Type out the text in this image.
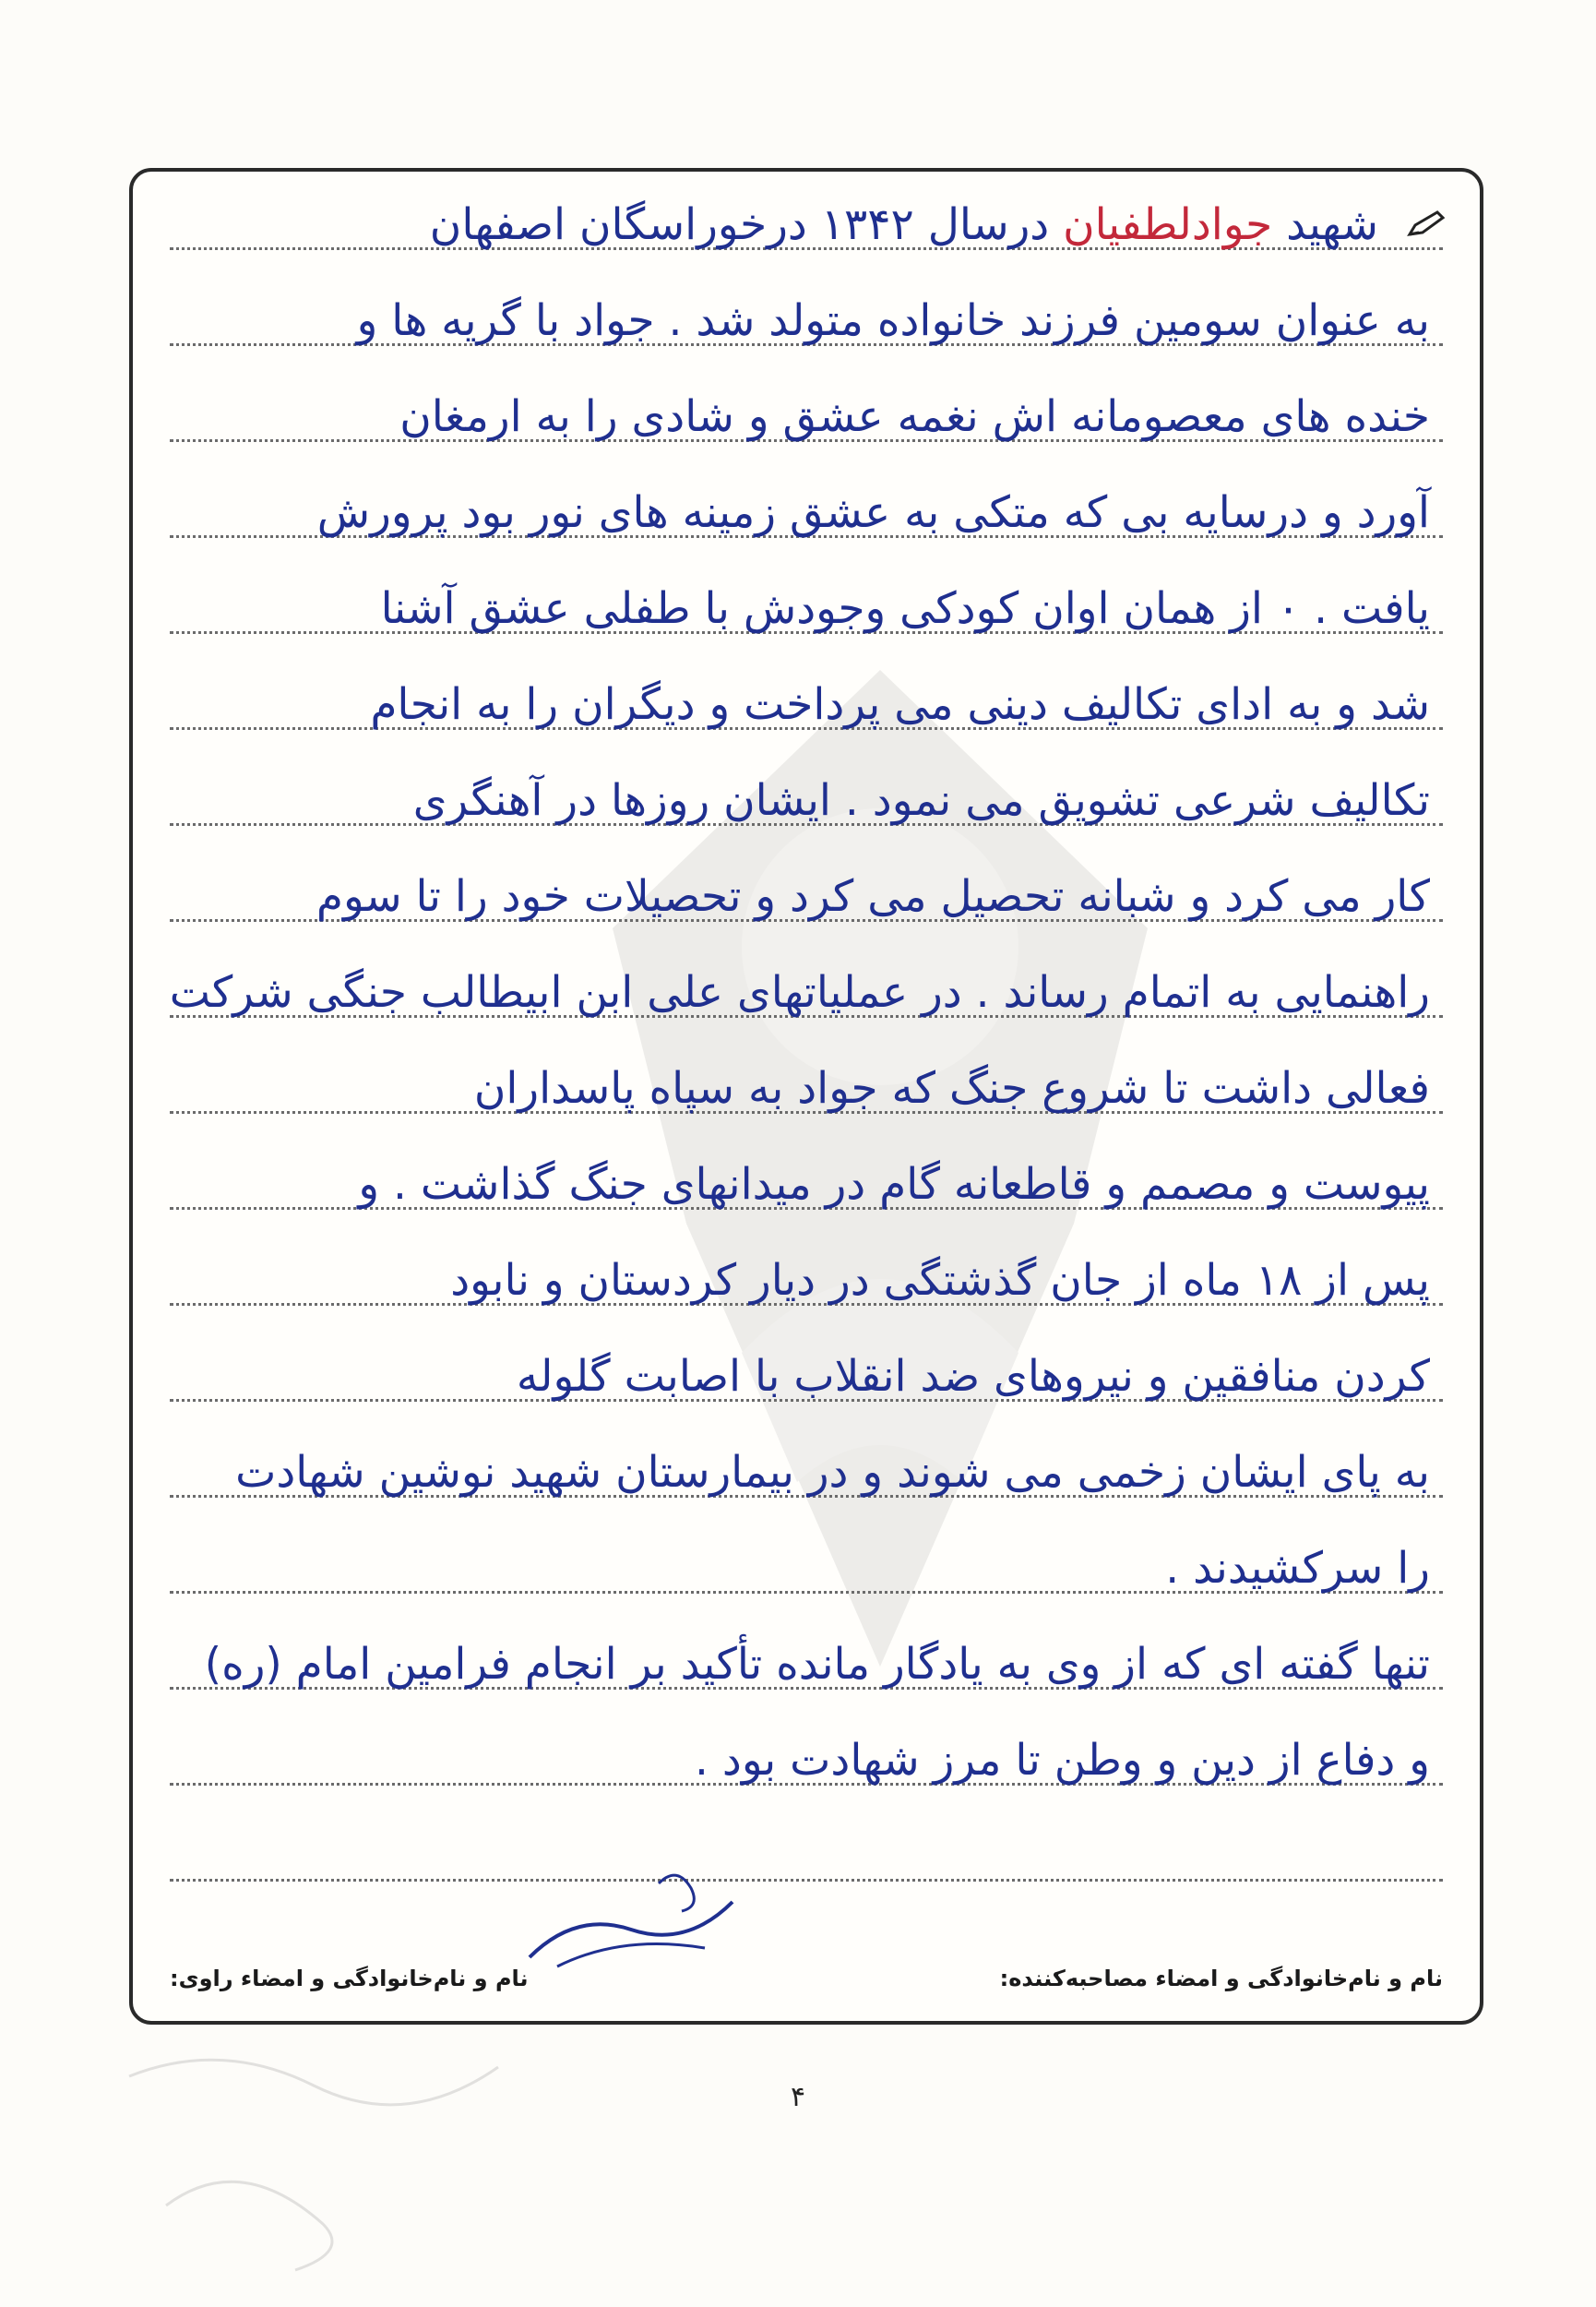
شهید جوادلطفیان درسال ۱۳۴۲ درخوراسگان اصفهان
به عنوان سومین فرزند خانواده متولد شد . جواد با گریه ها و
خنده های معصومانه اش نغمه عشق و شادی را به ارمغان
آورد و درسایه بی که متکی به عشق زمینه های نور بود پرورش
یافت . ۰ از همان اوان کودکی وجودش با طفلی عشق آشنا
شد و به ادای تکالیف دینی می پرداخت و دیگران را به انجام
تکالیف شرعی تشویق می نمود . ایشان روزها در آهنگری
کار می کرد و شبانه تحصیل می کرد و تحصیلات خود را تا سوم
راهنمایی به اتمام رساند . در عملیاتهای علی ابن ابیطالب جنگی شرکت
فعالی داشت تا شروع جنگ که جواد به سپاه پاسداران
پیوست و مصمم و قاطعانه گام در میدانهای جنگ گذاشت . و
پس از ۱۸ ماه از جان گذشتگی در دیار کردستان و نابود
کردن منافقین و نیروهای ضد انقلاب با اصابت گلوله
به پای ایشان زخمی می شوند و در بیمارستان شهید نوشین شهادت
را سرکشیدند .
تنها گفته ای که از وی به یادگار مانده تأکید بر انجام فرامین امام (ره)
و دفاع از دین و وطن تا مرز شهادت بود .
نام و نام‌خانوادگی و امضاء مصاحبه‌کننده:
نام و نام‌خانوادگی و امضاء راوی:
۴
